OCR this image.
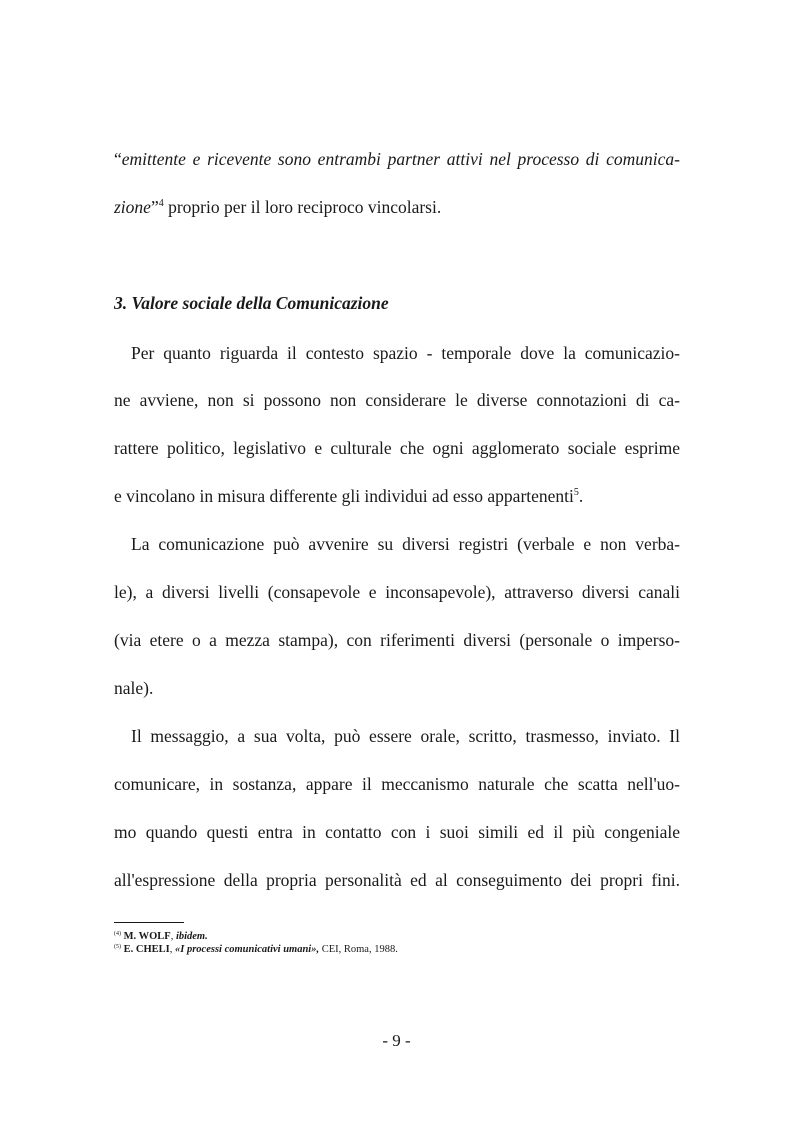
“emittente e ricevente sono entrambi partner attivi nel processo di comunica-
zione”$^4$ proprio per il loro reciproco vincolarsi.
3. Valore sociale della Comunicazione
Per quanto riguarda il contesto spazio - temporale dove la comunicazio-
ne avviene, non si possono non considerare le diverse connotazioni di ca-
rattere politico, legislativo e culturale che ogni agglomerato sociale esprime
e vincolano in misura differente gli individui ad esso appartenenti$^5$.
La comunicazione può avvenire su diversi registri (verbale e non verba-
le), a diversi livelli (consapevole e inconsapevole), attraverso diversi canali
(via etere o a mezza stampa), con riferimenti diversi (personale o imperso-
nale).
Il messaggio, a sua volta, può essere orale, scritto, trasmesso, inviato. Il
comunicare, in sostanza, appare il meccanismo naturale che scatta nell'uo-
mo quando questi entra in contatto con i suoi simili ed il più congeniale
all'espressione della propria personalità ed al conseguimento dei propri fini.
$^{(4)}$ M. WOLF, ibidem.
$^{(5)}$ E. CHELI, «I processi comunicativi umani», CEI, Roma, 1988.
- 9 -
